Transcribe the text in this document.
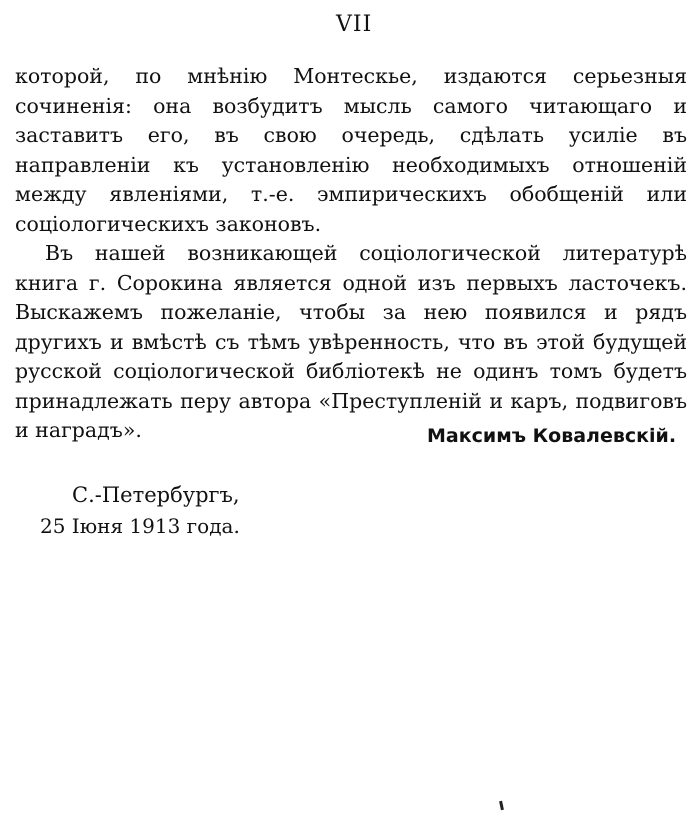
VII

которой, по мнѣнію Монтескье, издаются серьезныя сочиненія: она возбудитъ мысль самого читающаго и заставитъ его, въ свою очередь, сдѣлать усиліе въ направленіи къ установленію необходимыхъ отношеній между явленіями, т.-е. эмпирическихъ обобщеній или соціологическихъ законовъ.

Въ нашей возникающей соціологической литературѣ книга г. Сорокина является одной изъ первыхъ ласточекъ. Выскажемъ пожеланіе, чтобы за нею появился и рядъ другихъ и вмѣстѣ съ тѣмъ увѣренность, что въ этой будущей русской соціологической библіотекѣ не одинъ томъ будетъ принадлежать перу автора «Преступленій и каръ, подвиговъ и наградъ».	Максимъ Ковалевскій.
С.-Петербургъ,
25 Іюня 1913 года.
